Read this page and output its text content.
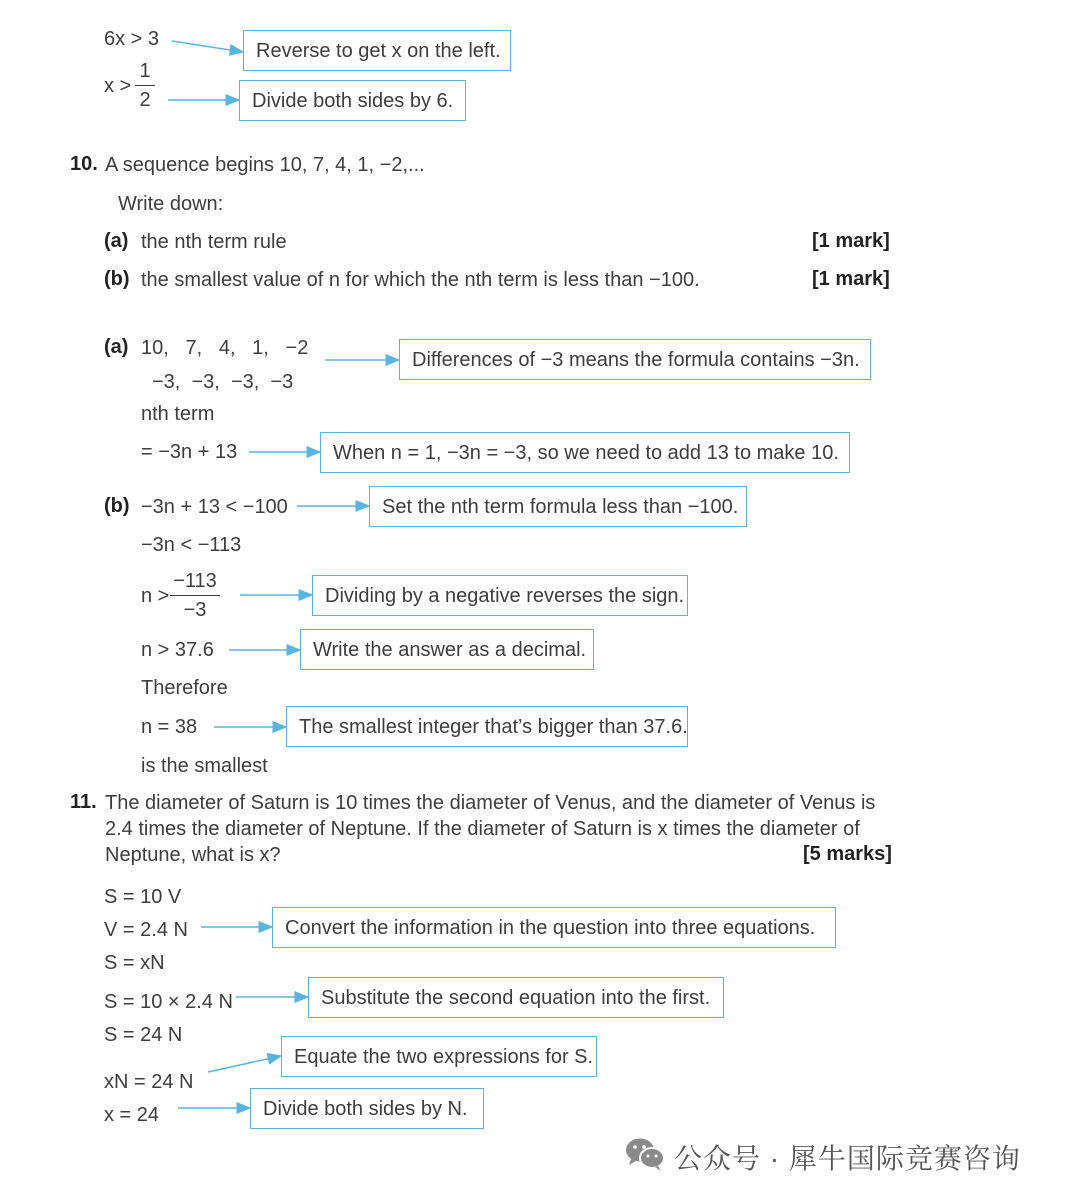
6x > 3
x >
1
2
Reverse to get x on the left.
Divide both sides by 6.
10. A sequence begins 10, 7, 4, 1, −2,...
Write down:
(a) the nth term rule	[1 mark]
(b) the smallest value of n for which the nth term is less than −100.	[1 mark]
(a) 10,   7,   4,   1,   −2
−3,  −3,  −3,  −3
nth term
= −3n + 13
Differences of −3 means the formula contains −3n.
When n = 1, −3n = −3, so we need to add 13 to make 10.
(b) −3n + 13 < −100
−3n < −113
n >
−113
−3
n > 37.6
Therefore
n = 38
is the smallest
Set the nth term formula less than −100.
Dividing by a negative reverses the sign.
Write the answer as a decimal.
The smallest integer that’s bigger than 37.6.
11. The diameter of Saturn is 10 times the diameter of Venus, and the diameter of Venus is
2.4 times the diameter of Neptune. If the diameter of Saturn is x times the diameter of
Neptune, what is x?	[5 marks]
S = 10 V
V = 2.4 N
S = xN
S = 10 × 2.4 N
S = 24 N
xN = 24 N
x = 24
Convert the information in the question into three equations.
Substitute the second equation into the first.
Equate the two expressions for S.
Divide both sides by N.
公众号 · 犀牛国际竞赛咨询
